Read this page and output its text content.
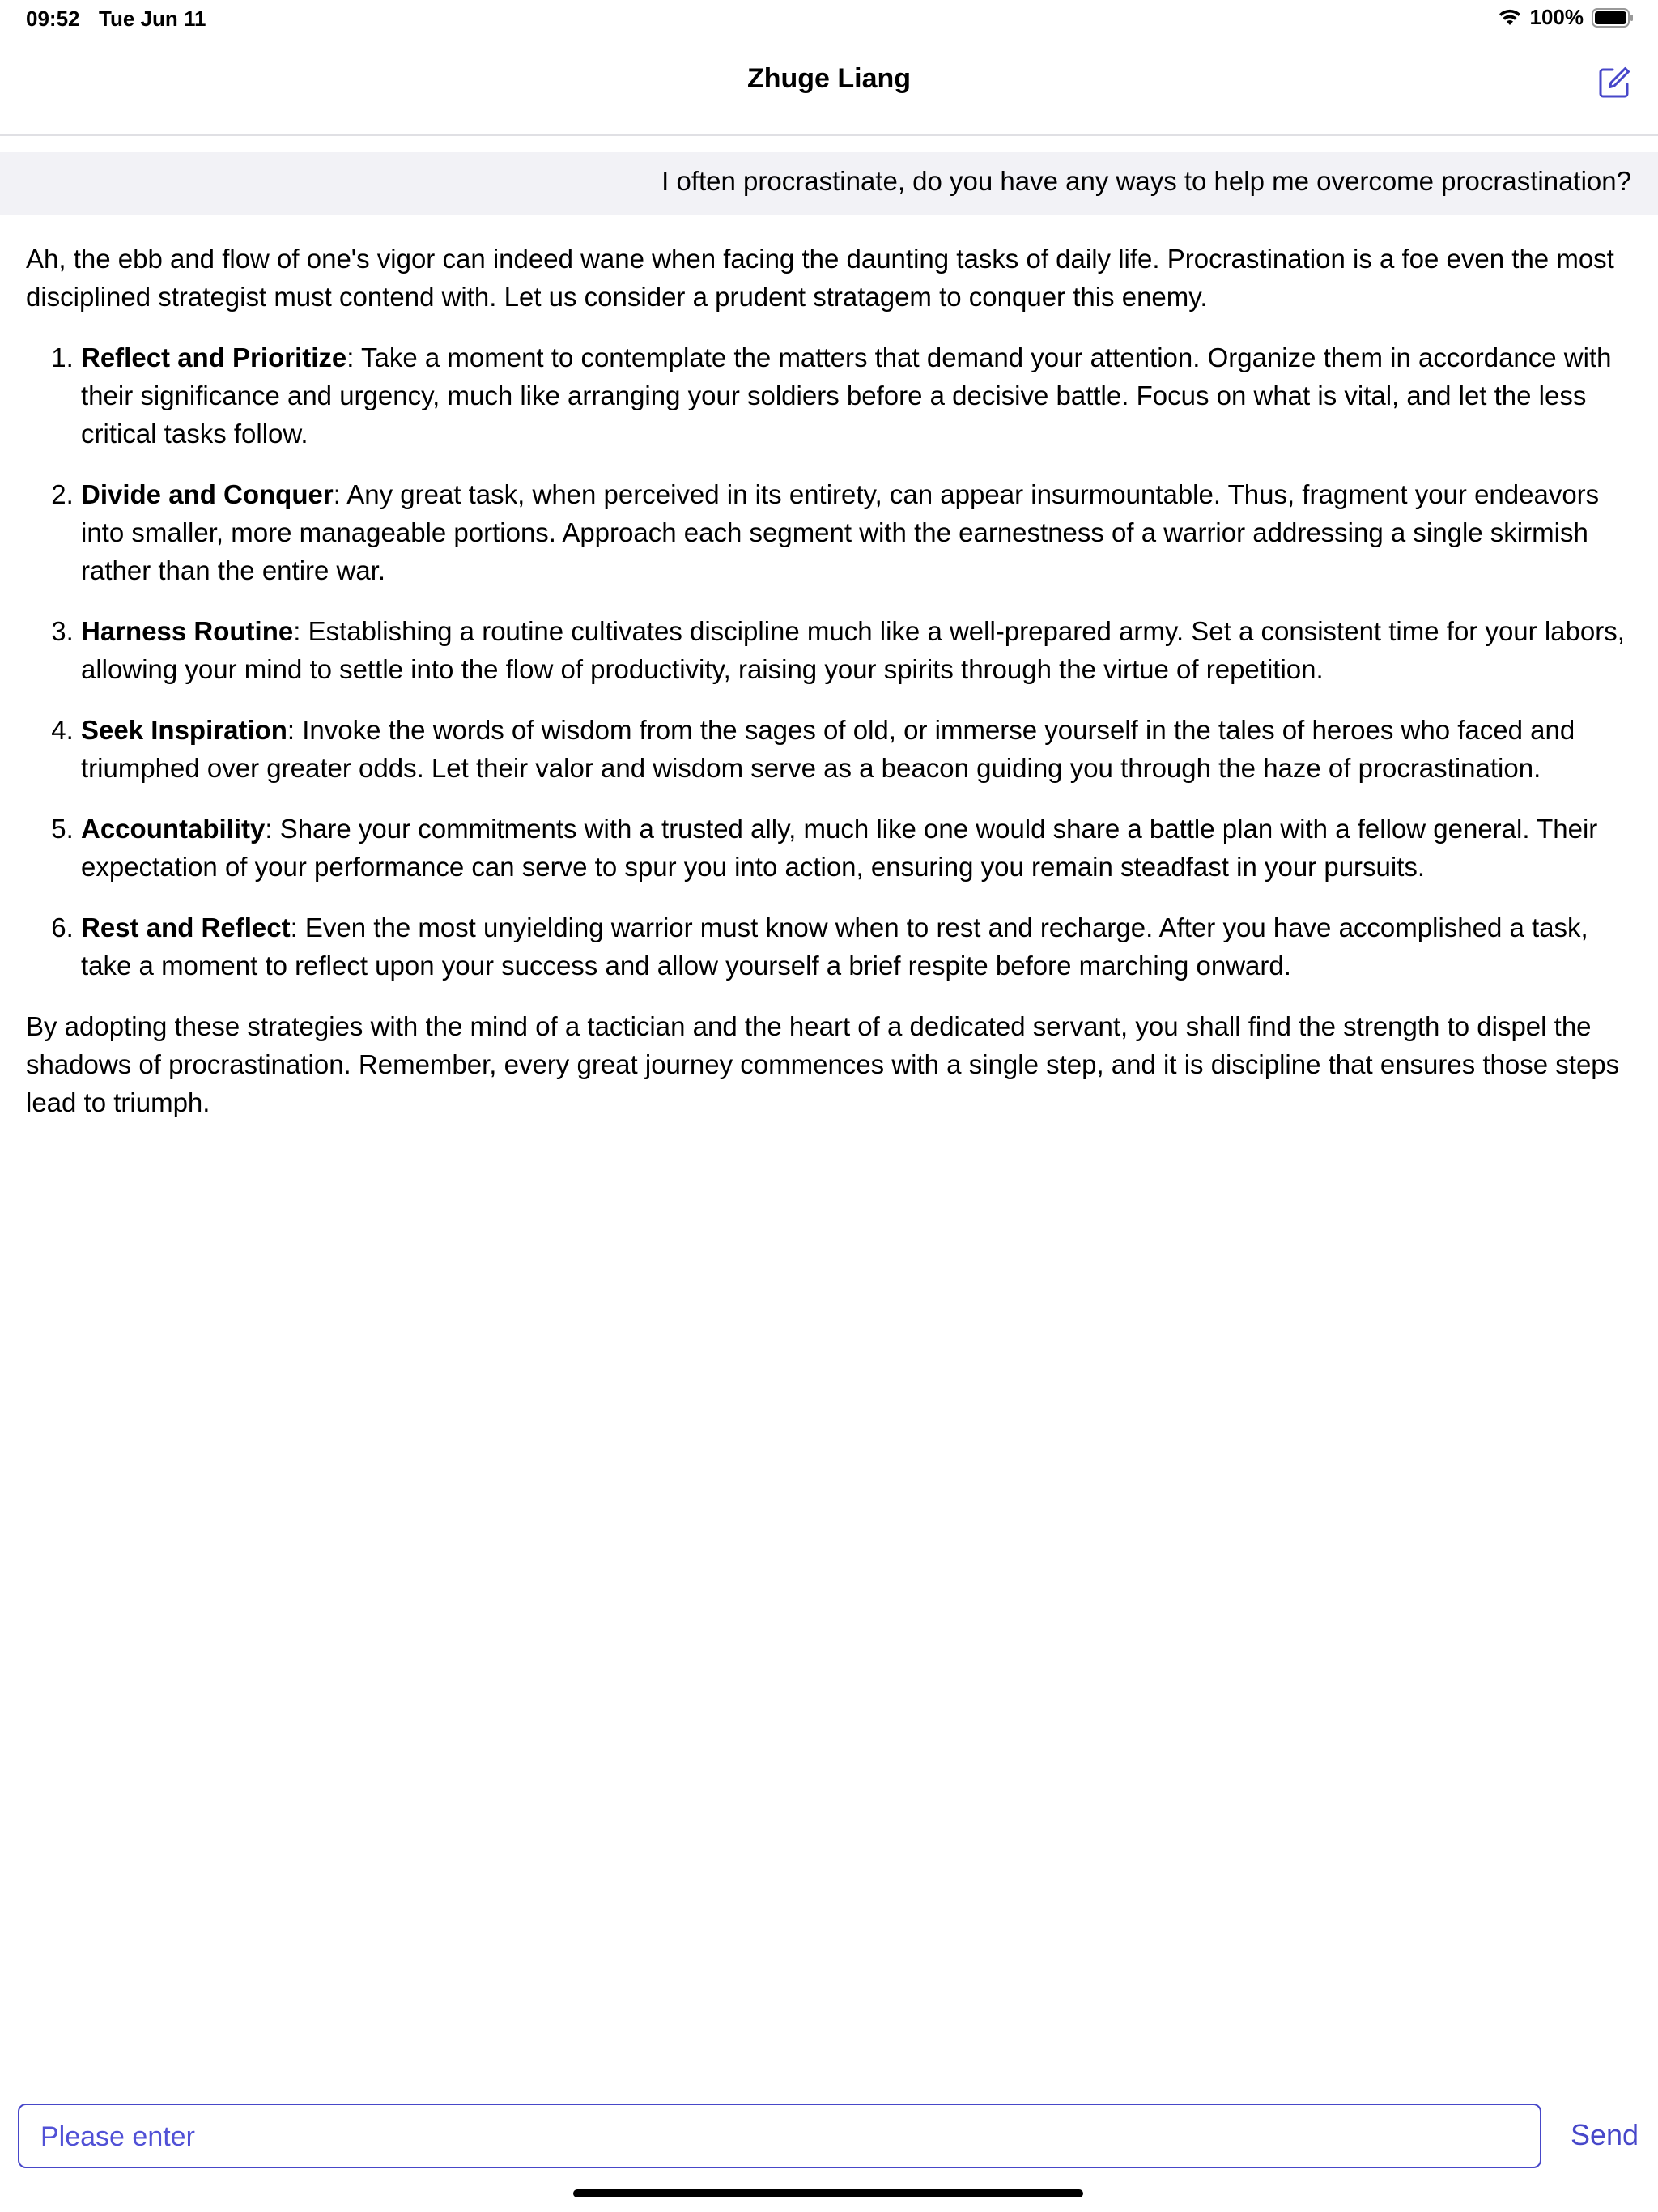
09:52 Tue Jun 11	100%
Zhuge Liang
I often procrastinate, do you have any ways to help me overcome procrastination?

Ah, the ebb and flow of one's vigor can indeed wane when facing the daunting tasks of daily life. Procrastination is a foe even the most disciplined strategist must contend with. Let us consider a prudent stratagem to conquer this enemy.

1. Reflect and Prioritize: Take a moment to contemplate the matters that demand your attention. Organize them in accordance with their significance and urgency, much like arranging your soldiers before a decisive battle. Focus on what is vital, and let the less critical tasks follow.
2. Divide and Conquer: Any great task, when perceived in its entirety, can appear insurmountable. Thus, fragment your endeavors into smaller, more manageable portions. Approach each segment with the earnestness of a warrior addressing a single skirmish rather than the entire war.
3. Harness Routine: Establishing a routine cultivates discipline much like a well-prepared army. Set a consistent time for your labors, allowing your mind to settle into the flow of productivity, raising your spirits through the virtue of repetition.
4. Seek Inspiration: Invoke the words of wisdom from the sages of old, or immerse yourself in the tales of heroes who faced and triumphed over greater odds. Let their valor and wisdom serve as a beacon guiding you through the haze of procrastination.
5. Accountability: Share your commitments with a trusted ally, much like one would share a battle plan with a fellow general. Their expectation of your performance can serve to spur you into action, ensuring you remain steadfast in your pursuits.
6. Rest and Reflect: Even the most unyielding warrior must know when to rest and recharge. After you have accomplished a task, take a moment to reflect upon your success and allow yourself a brief respite before marching onward.

By adopting these strategies with the mind of a tactician and the heart of a dedicated servant, you shall find the strength to dispel the shadows of procrastination. Remember, every great journey commences with a single step, and it is discipline that ensures those steps lead to triumph.

Please enter
Send
